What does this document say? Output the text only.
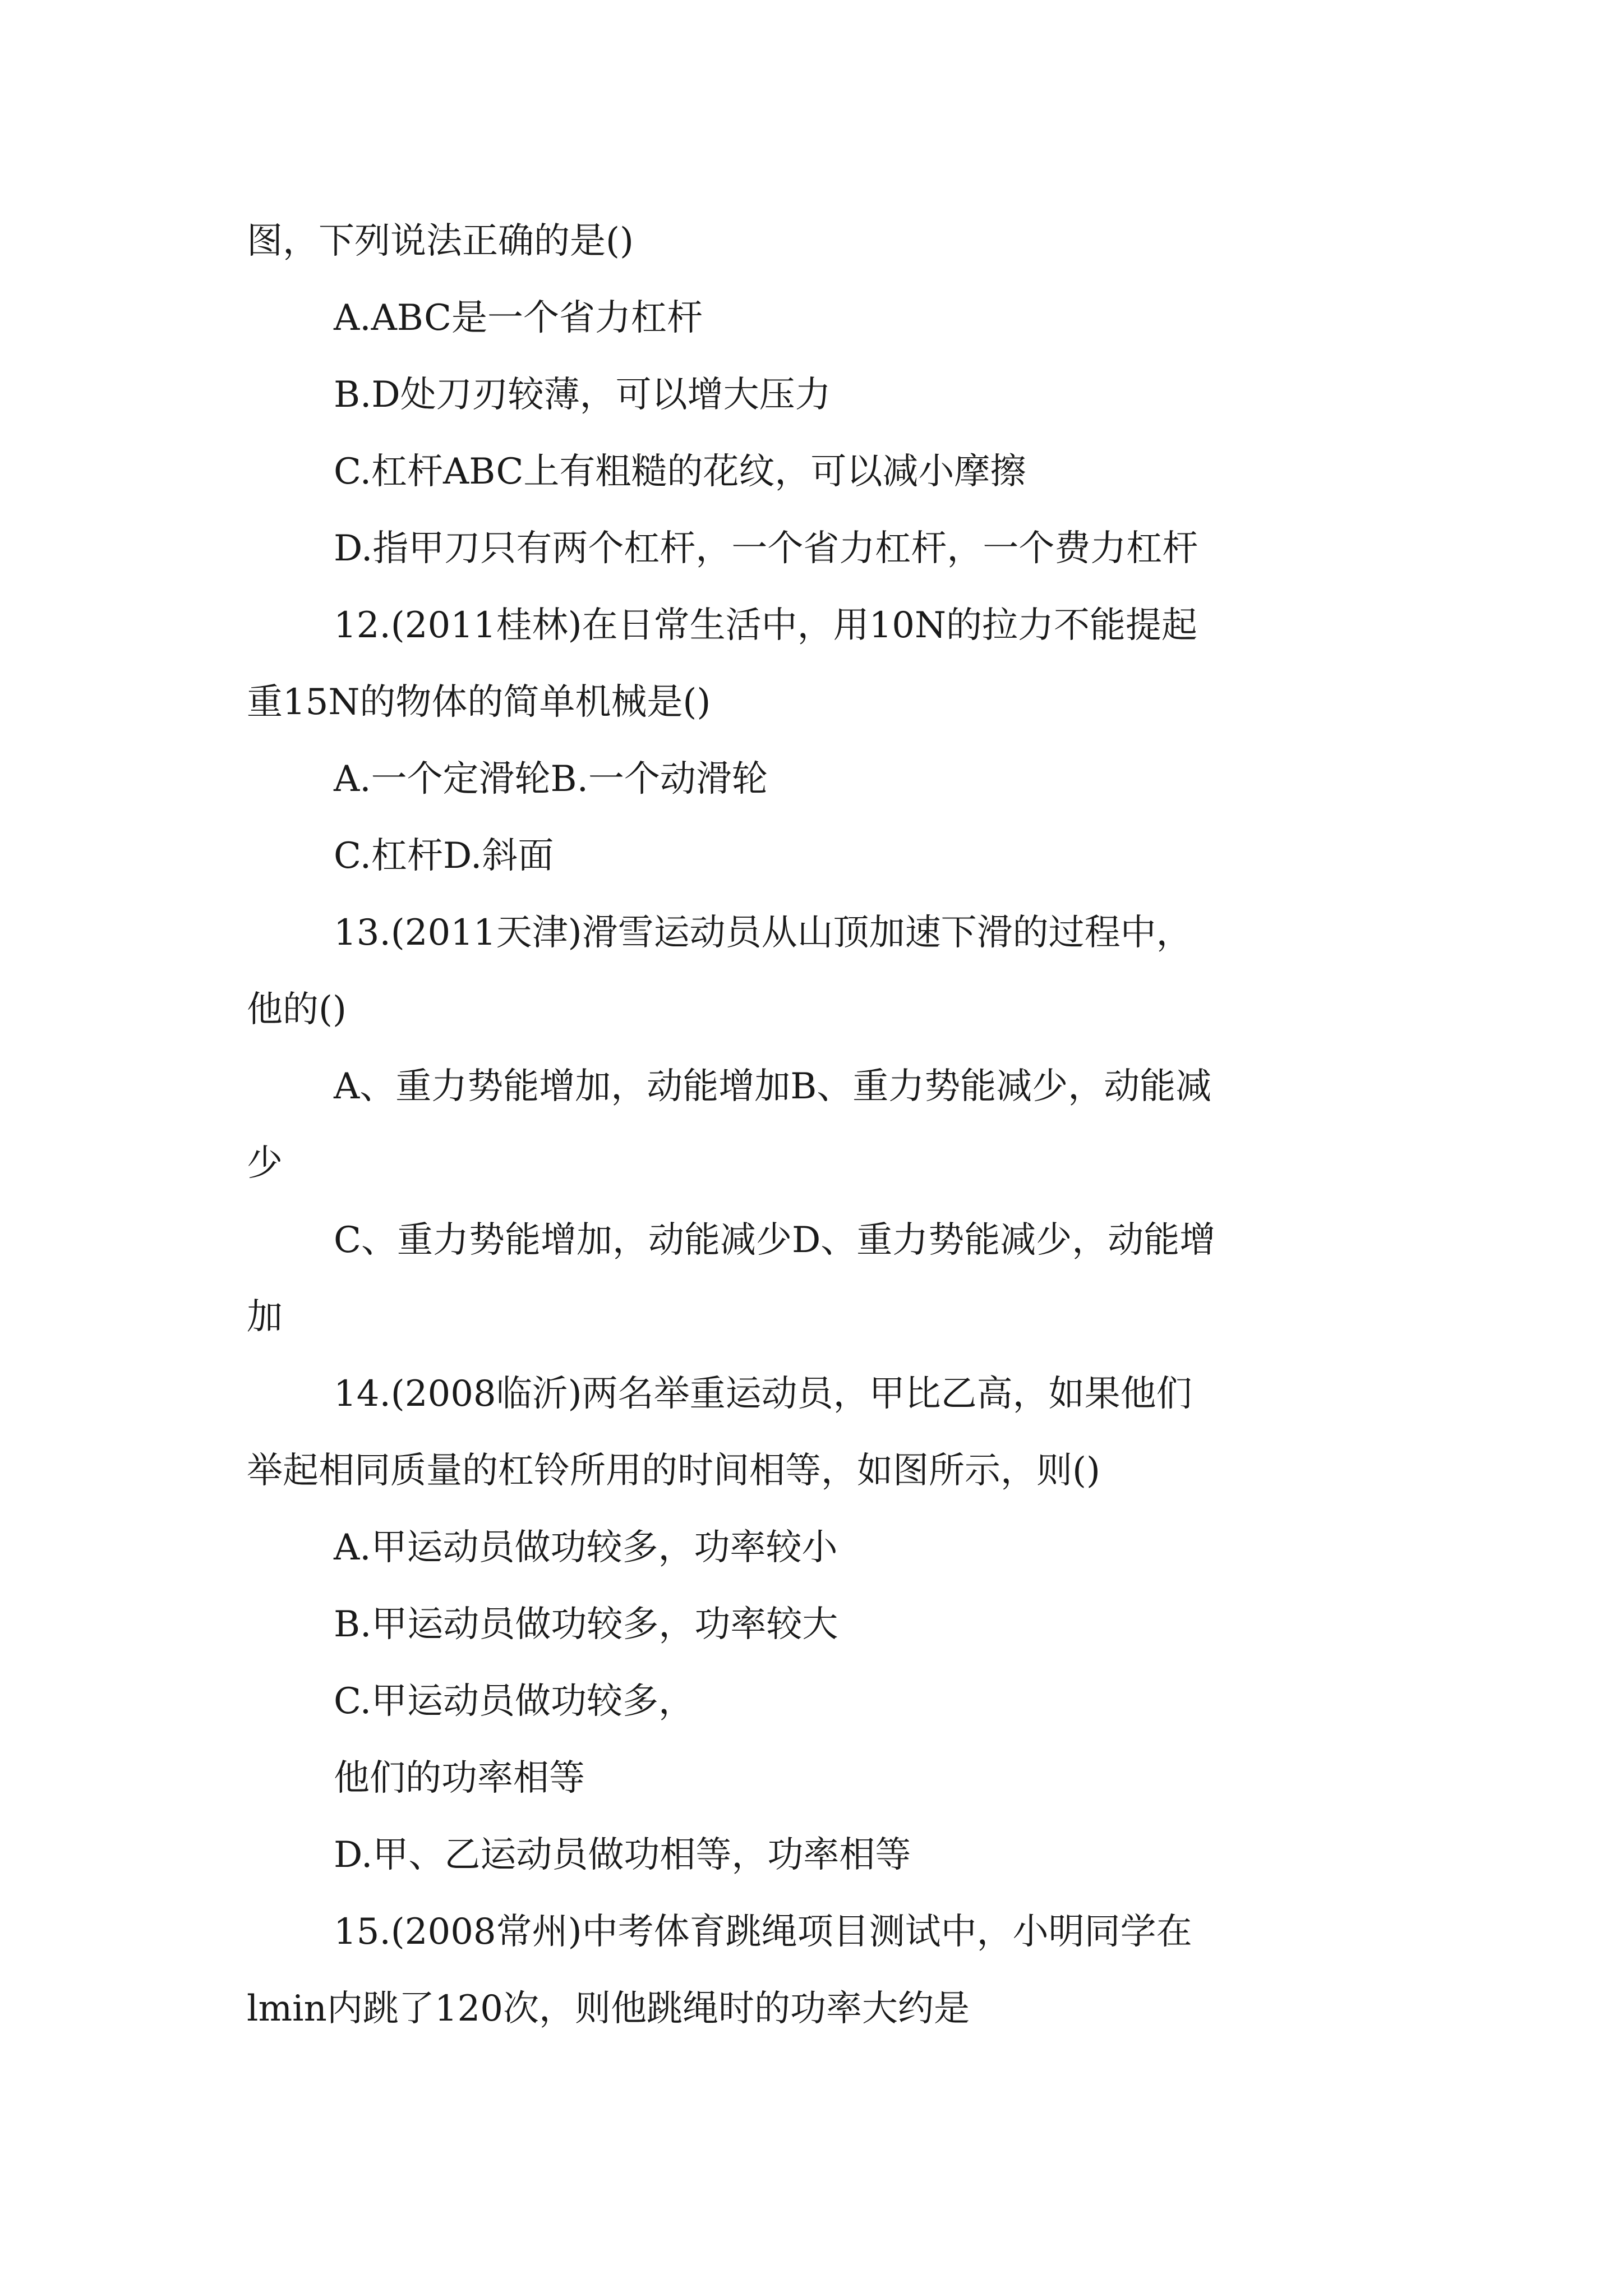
图，下列说法正确的是()
A.ABC是一个省力杠杆
B.D处刀刃较薄，可以增大压力
C.杠杆ABC上有粗糙的花纹，可以减小摩擦
D.指甲刀只有两个杠杆，一个省力杠杆，一个费力杠杆
12.(2011桂林)在日常生活中，用10N的拉力不能提起
重15N的物体的简单机械是()
A.一个定滑轮B.一个动滑轮
C.杠杆D.斜面
13.(2011天津)滑雪运动员从山顶加速下滑的过程中，
他的()
A、重力势能增加，动能增加B、重力势能减少，动能减
少
C、重力势能增加，动能减少D、重力势能减少，动能增
加
14.(2008临沂)两名举重运动员，甲比乙高，如果他们
举起相同质量的杠铃所用的时间相等，如图所示，则()
A.甲运动员做功较多，功率较小
B.甲运动员做功较多，功率较大
C.甲运动员做功较多，
他们的功率相等
D.甲、乙运动员做功相等，功率相等
15.(2008常州)中考体育跳绳项目测试中，小明同学在
lmin内跳了120次，则他跳绳时的功率大约是
